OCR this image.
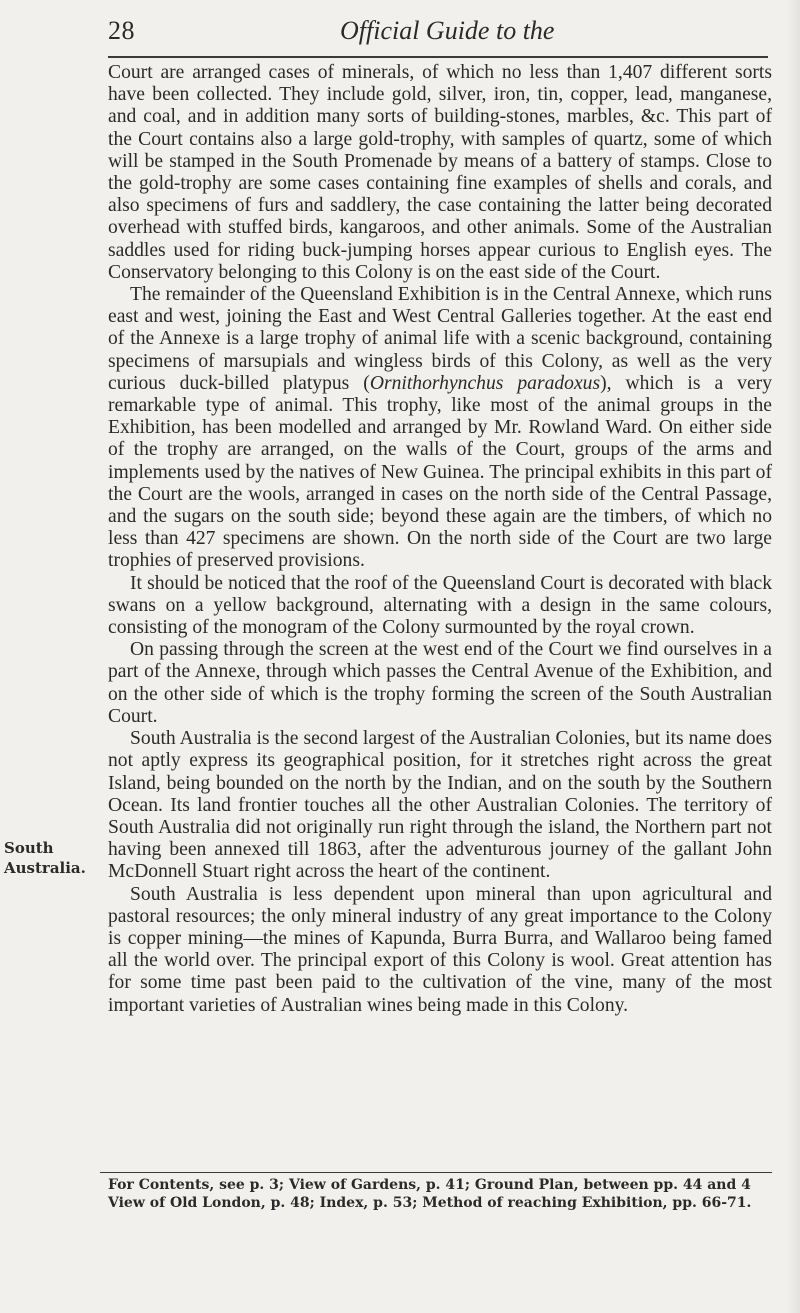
28	Official Guide to the
South
Australia.

Court are arranged cases of minerals, of which no less than 1,407 different sorts have been collected. They include gold, silver, iron, tin, copper, lead, manganese, and coal, and in addition many sorts of building-stones, marbles, &c. This part of the Court contains also a large gold-trophy, with samples of quartz, some of which will be stamped in the South Promenade by means of a battery of stamps. Close to the gold-trophy are some cases containing fine examples of shells and corals, and also specimens of furs and saddlery, the case containing the latter being decorated overhead with stuffed birds, kangaroos, and other animals. Some of the Australian saddles used for riding buck-jumping horses appear curious to English eyes. The Conservatory belonging to this Colony is on the east side of the Court.

The remainder of the Queensland Exhibition is in the Central Annexe, which runs east and west, joining the East and West Central Galleries together. At the east end of the Annexe is a large trophy of animal life with a scenic background, containing specimens of marsupials and wingless birds of this Colony, as well as the very curious duck-billed platypus (Ornithorhynchus paradoxus), which is a very remarkable type of animal. This trophy, like most of the animal groups in the Exhibition, has been modelled and arranged by Mr. Rowland Ward. On either side of the trophy are arranged, on the walls of the Court, groups of the arms and implements used by the natives of New Guinea. The principal exhibits in this part of the Court are the wools, arranged in cases on the north side of the Central Passage, and the sugars on the south side; beyond these again are the timbers, of which no less than 427 specimens are shown. On the north side of the Court are two large trophies of preserved provisions.

It should be noticed that the roof of the Queensland Court is decorated with black swans on a yellow background, alternating with a design in the same colours, consisting of the monogram of the Colony surmounted by the royal crown.

On passing through the screen at the west end of the Court we find ourselves in a part of the Annexe, through which passes the Central Avenue of the Exhibition, and on the other side of which is the trophy forming the screen of the South Australian Court.

South Australia is the second largest of the Australian Colonies, but its name does not aptly express its geographical position, for it stretches right across the great Island, being bounded on the north by the Indian, and on the south by the Southern Ocean. Its land frontier touches all the other Australian Colonies. The territory of South Australia did not originally run right through the island, the Northern part not having been annexed till 1863, after the adventurous journey of the gallant John McDonnell Stuart right across the heart of the continent.

South Australia is less dependent upon mineral than upon agricultural and pastoral resources; the only mineral industry of any great importance to the Colony is copper mining—the mines of Kapunda, Burra Burra, and Wallaroo being famed all the world over. The principal export of this Colony is wool. Great attention has for some time past been paid to the cultivation of the vine, many of the most important varieties of Australian wines being made in this Colony.

For Contents, see p. 3; View of Gardens, p. 41; Ground Plan, between pp. 44 and 4

View of Old London, p. 48; Index, p. 53; Method of reaching Exhibition, pp. 66-71.
